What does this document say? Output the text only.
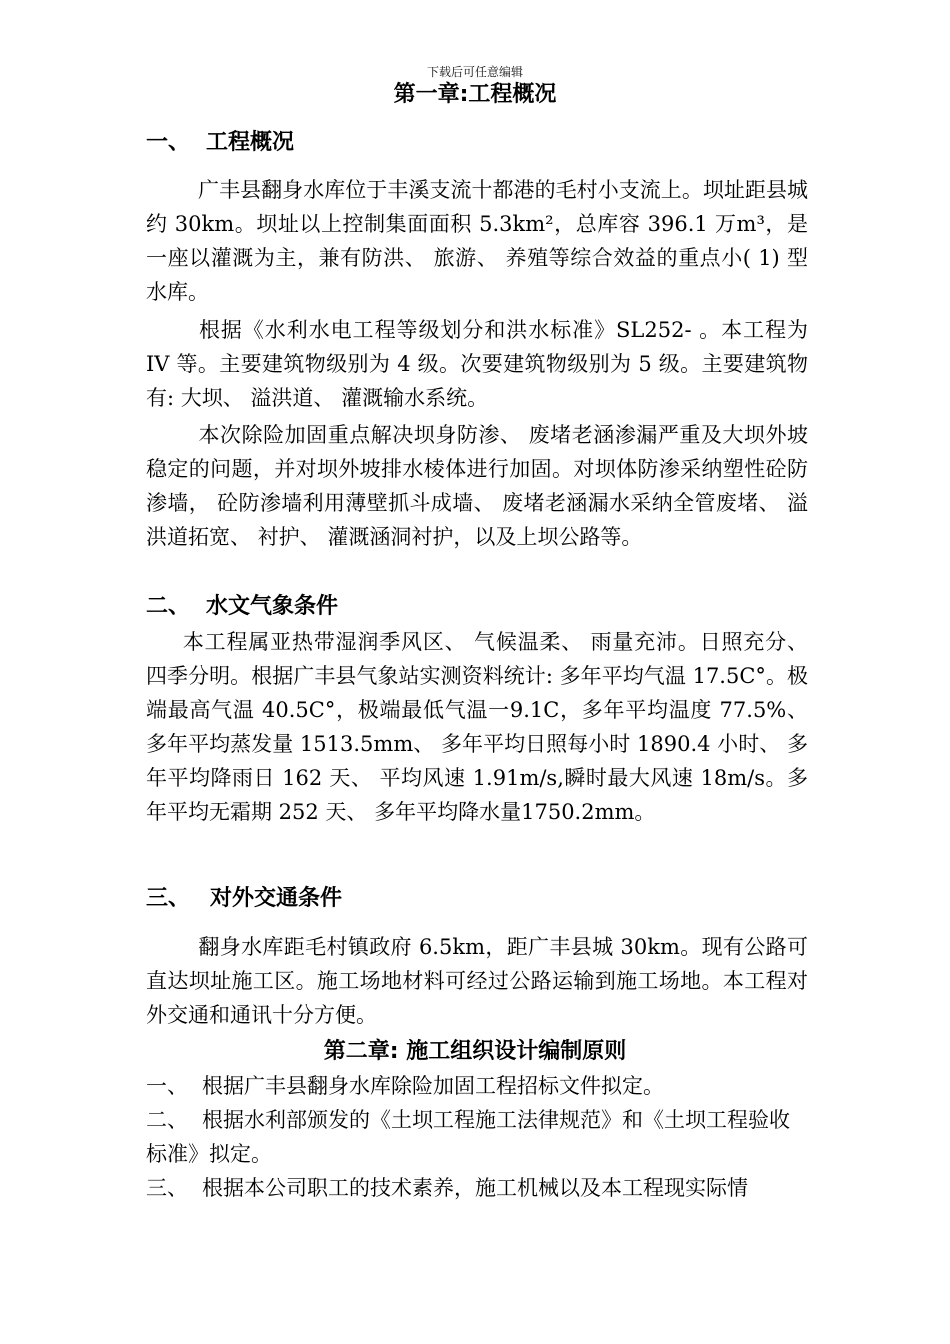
下载后可任意编辑
第一章:工程概况
一、 工程概况
广丰县翻身水库位于丰溪支流十都港的毛村小支流上。坝址距县城约 30km。坝址以上控制集面面积 5.3km²，总库容 396.1 万m³，是一座以灌溉为主，兼有防洪、 旅游、 养殖等综合效益的重点小( 1) 型水库。
根据《水利水电工程等级划分和洪水标准》SL252- 。本工程为 IV 等。主要建筑物级别为 4 级。次要建筑物级别为 5 级。主要建筑物有: 大坝、 溢洪道、 灌溉输水系统。
本次除险加固重点解决坝身防渗、 废堵老涵渗漏严重及大坝外坡稳定的问题，并对坝外坡排水棱体进行加固。对坝体防渗采纳塑性砼防渗墙， 砼防渗墙利用薄壁抓斗成墙、 废堵老涵漏水采纳全管废堵、 溢洪道拓宽、 衬护、 灌溉涵洞衬护，以及上坝公路等。
二、 水文气象条件
本工程属亚热带湿润季风区、 气候温柔、 雨量充沛。日照充分、 四季分明。根据广丰县气象站实测资料统计: 多年平均气温 17.5C°。极端最高气温 40.5C°，极端最低气温一9.1C，多年平均温度 77.5%、 多年平均蒸发量 1513.5mm、 多年平均日照每小时 1890.4 小时、 多年平均降雨日 162 天、 平均风速 1.91m/s,瞬时最大风速 18m/s。多年平均无霜期 252 天、 多年平均降水量1750.2mm。
三、 对外交通条件
翻身水库距毛村镇政府 6.5km，距广丰县城 30km。现有公路可直达坝址施工区。施工场地材料可经过公路运输到施工场地。本工程对外交通和通讯十分方便。
第二章: 施工组织设计编制原则
一、 根据广丰县翻身水库除险加固工程招标文件拟定。
二、 根据水利部颁发的《土坝工程施工法律规范》和《土坝工程验收标准》拟定。
三、 根据本公司职工的技术素养，施工机械以及本工程现实际情
